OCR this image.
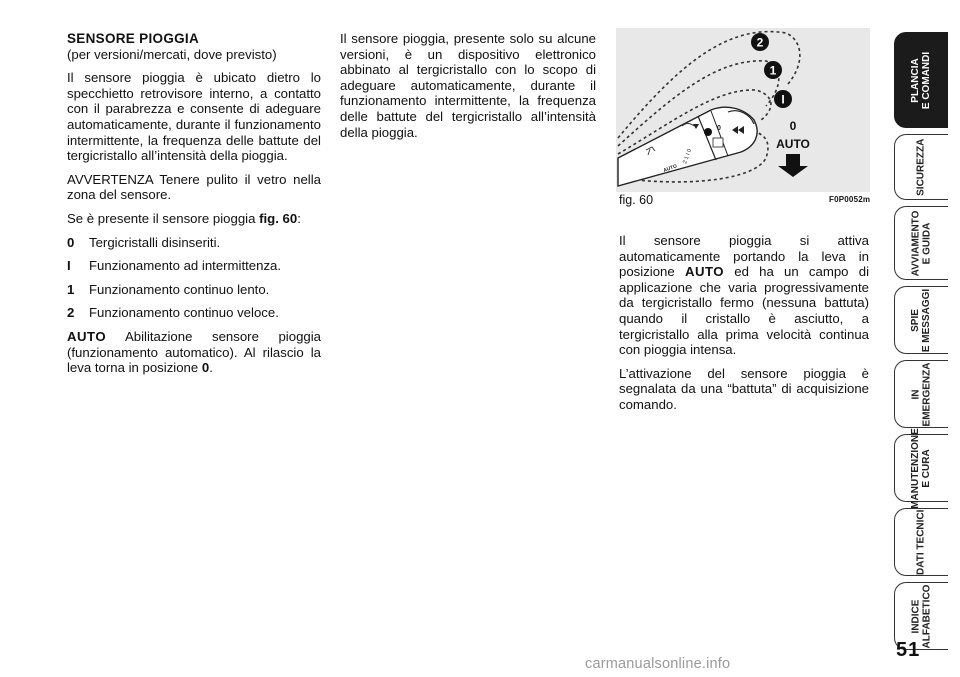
SENSORE PIOGGIA

(per versioni/mercati, dove previsto)

Il sensore pioggia è ubicato dietro lo specchietto retrovisore interno, a contatto con il parabrezza e consente di adeguare automaticamente, durante il funzionamento intermittente, la frequenza delle battute del tergicristallo all’intensità della pioggia.

AVVERTENZA Tenere pulito il vetro nella zona del sensore.

Se è presente il sensore pioggia fig. 60:

0	Tergicristalli disinseriti.
I	Funzionamento ad intermittenza.
1	Funzionamento continuo lento.
2	Funzionamento continuo veloce.

AUTO Abilitazione sensore pioggia (funzionamento automatico). Al rilascio la leva torna in posizione 0.

Il sensore pioggia, presente solo su alcune versioni, è un dispositivo elettronico abbinato al tergicristallo con lo scopo di adeguare automaticamente, durante il funzionamento intermittente, la frequenza delle battute del tergicristallo all’intensità della pioggia.

2 1 I 0
AUTO
0
2
1
I
0
AUTO
fig. 60	F0P0052m

Il sensore pioggia si attiva automaticamente portando la leva in posizione AUTO ed ha un campo di applicazione che varia progressivamente da tergicristallo fermo (nessuna battuta) quando il cristallo è asciutto, a tergicristallo alla prima velocità continua con pioggia intensa.

L’attivazione del sensore pioggia è segnalata da una “battuta” di acquisizione comando.

PLANCIA
E COMANDI
SICUREZZA
AVVIAMENTO
E GUIDA
SPIE
E MESSAGGI
IN
EMERGENZA
MANUTENZIONE
E CURA
DATI TECNICI
INDICE
ALFABETICO
51
carmanualsonline.info
